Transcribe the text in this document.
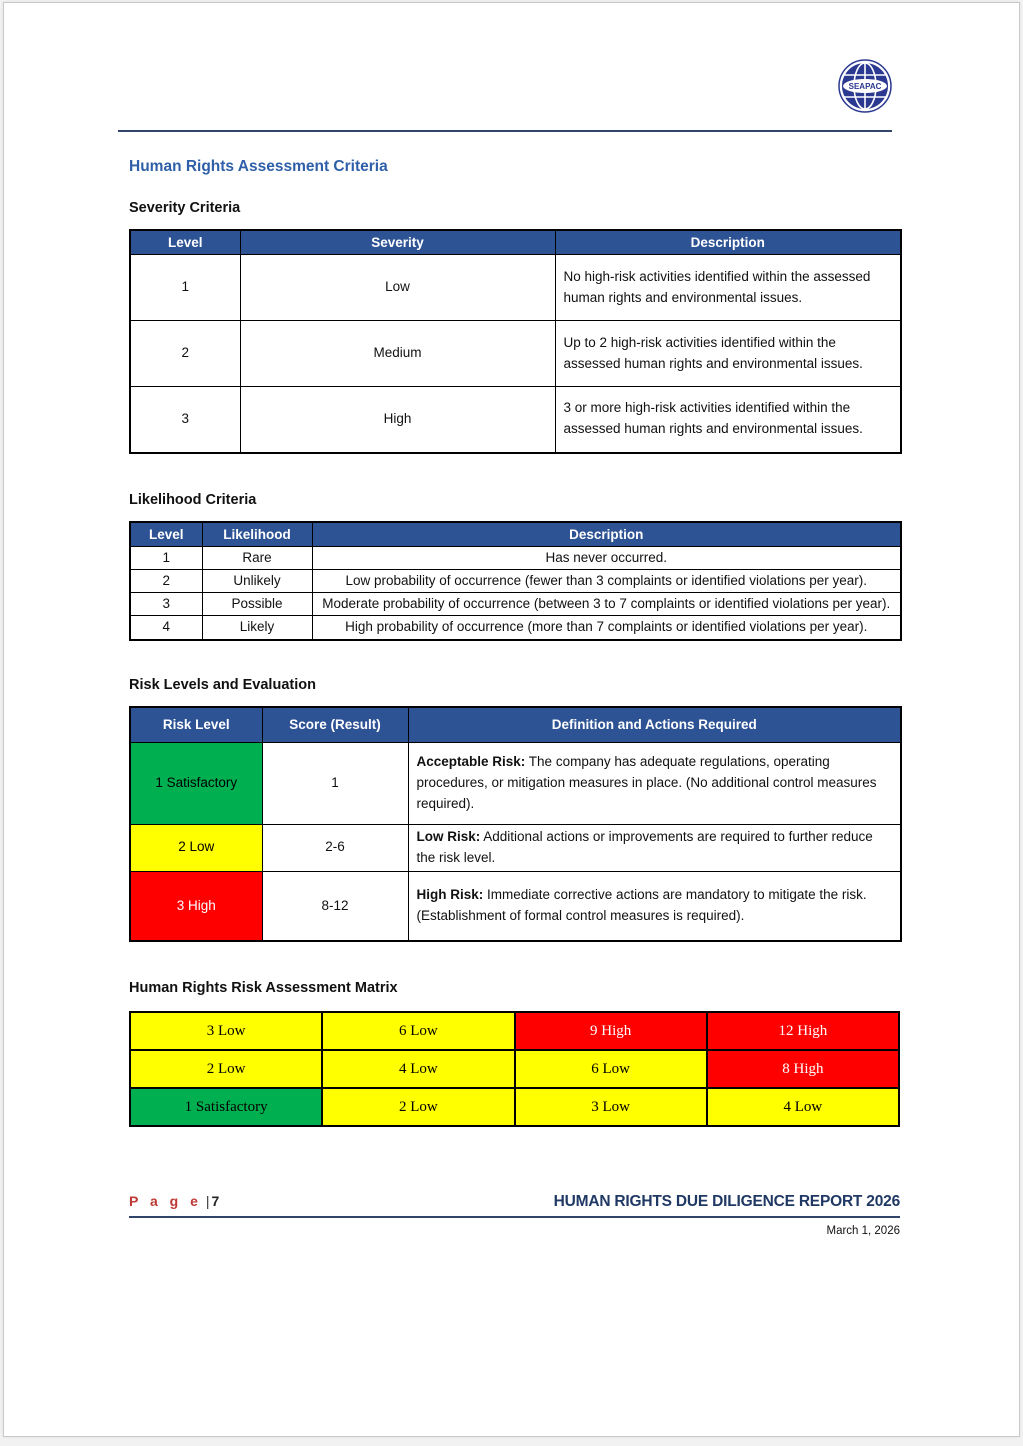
SEAPAC
Human Rights Assessment Criteria
Severity Criteria
Level	Severity	Description
1	Low	No high-risk activities identified within the assessed human rights and environmental issues.
2	Medium	Up to 2 high-risk activities identified within the assessed human rights and environmental issues.
3	High	3 or more high-risk activities identified within the assessed human rights and environmental issues.
Likelihood Criteria
Level	Likelihood	Description
1	Rare	Has never occurred.
2	Unlikely	Low probability of occurrence (fewer than 3 complaints or identified violations per year).
3	Possible	Moderate probability of occurrence (between 3 to 7 complaints or identified violations per year).
4	Likely	High probability of occurrence (more than 7 complaints or identified violations per year).
Risk Levels and Evaluation
Risk Level	Score (Result)	Definition and Actions Required
1 Satisfactory	1	Acceptable Risk: The company has adequate regulations, operating procedures, or mitigation measures in place. (No additional control measures required).
2 Low	2-6	Low Risk: Additional actions or improvements are required to further reduce the risk level.
3 High	8-12	High Risk: Immediate corrective actions are mandatory to mitigate the risk. (Establishment of formal control measures is required).
Human Rights Risk Assessment Matrix
3 Low	6 Low	9 High	12 High
2 Low	4 Low	6 Low	8 High
1 Satisfactory	2 Low	3 Low	4 Low
P a g e | 7	HUMAN RIGHTS DUE DILIGENCE REPORT 2026
March 1, 2026
